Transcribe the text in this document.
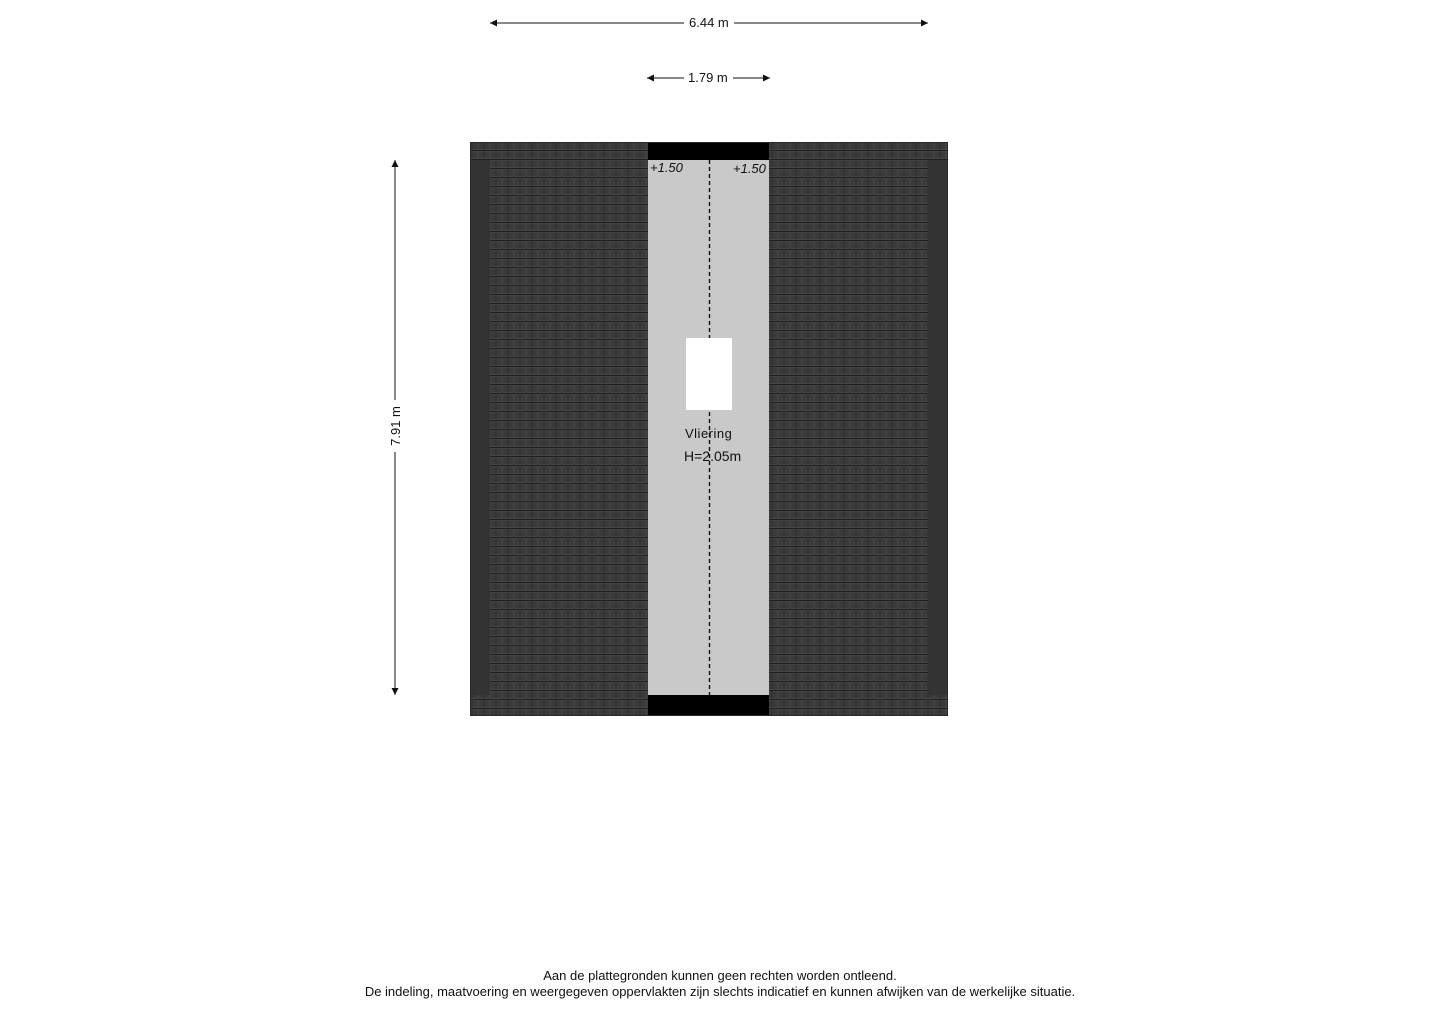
6.44 m
1.79 m
7.91 m
+1.50	+1.50
Vliering
H=2.05m
Aan de plattegronden kunnen geen rechten worden ontleend.
De indeling, maatvoering en weergegeven oppervlakten zijn slechts indicatief en kunnen afwijken van de werkelijke situatie.
